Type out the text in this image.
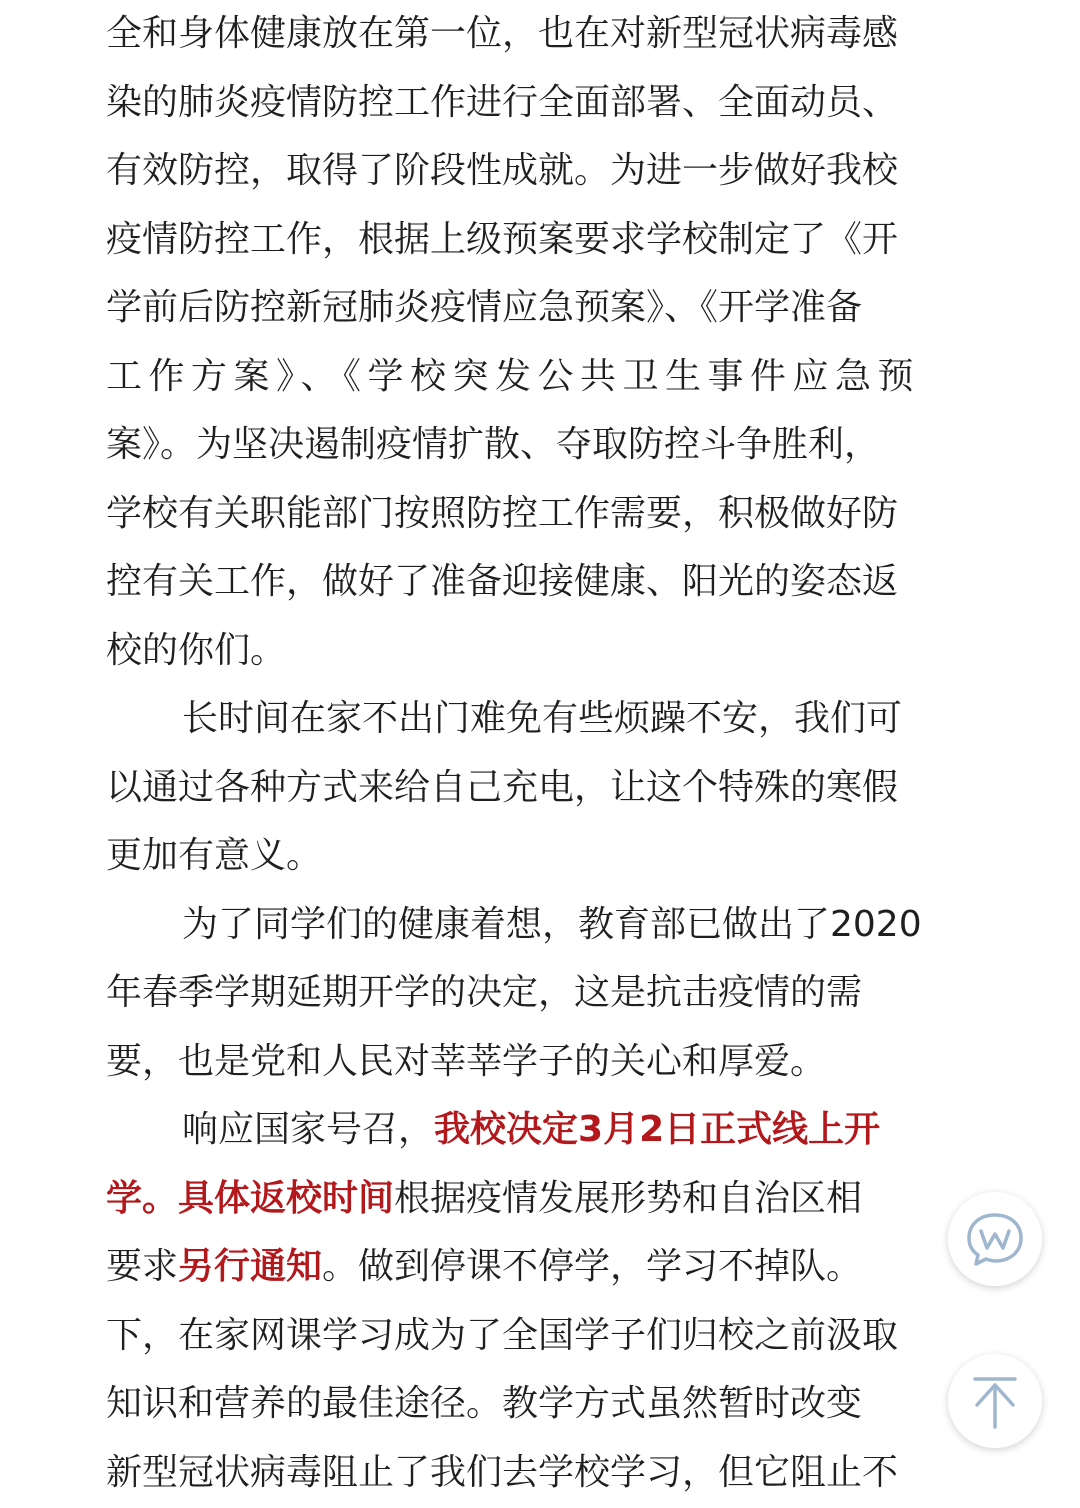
全和身体健康放在第一位，也在对新型冠状病毒感
染的肺炎疫情防控工作进行全面部署、全面动员、
有效防控，取得了阶段性成就。为进一步做好我校
疫情防控工作，根据上级预案要求学校制定了《开
学前后防控新冠肺炎疫情应急预案》、《开学准备
工作方案》、《学校突发公共卫生事件应急预
案》。为坚决遏制疫情扩散、夺取防控斗争胜利，
学校有关职能部门按照防控工作需要，积极做好防
控有关工作，做好了准备迎接健康、阳光的姿态返
校的你们。
长时间在家不出门难免有些烦躁不安，我们可
以通过各种方式来给自己充电，让这个特殊的寒假
更加有意义。
为了同学们的健康着想，教育部已做出了2020
年春季学期延期开学的决定，这是抗击疫情的需
要，也是党和人民对莘莘学子的关心和厚爱。
响应国家号召，我校决定3月2日正式线上开
学。具体返校时间根据疫情发展形势和自治区相
要求另行通知。做到停课不停学，学习不掉队。
下，在家网课学习成为了全国学子们归校之前汲取
知识和营养的最佳途径。教学方式虽然暂时改变
新型冠状病毒阻止了我们去学校学习，但它阻止不
